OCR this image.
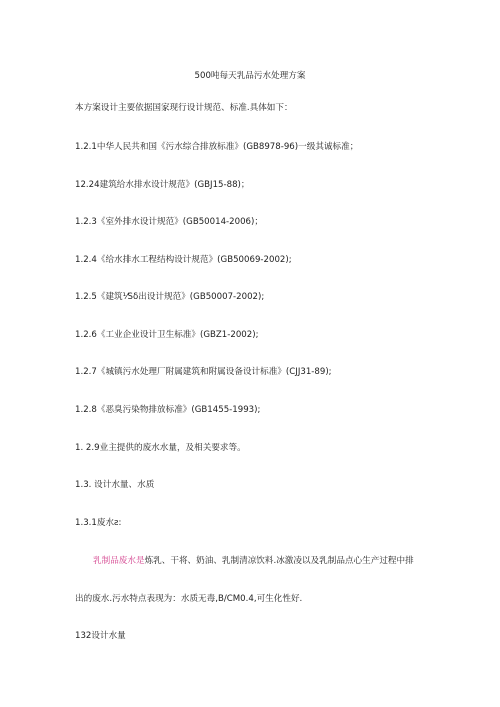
500吨每天乳品污水处理方案
本方案设计主要依据国家现行设计规范、标准.具体如下：
1.2.1中华人民共和国《污水综合排放标准》(GB8978-96)一级其诚标准；
12.24建筑给水排水设计规范》(GBJ15-88)；
1.2.3《室外排水设计规范》(GB50014-2006)；
1.2.4《给水排水工程结构设计规范》(GB50069-2002);
1.2.5《建筑⅟Sδ出设计规范》(GB50007-2002);
1.2.6《工业企业设计卫生标准》(GBZ1-2002);
1.2.7《城镇污水处理厂附属建筑和附属设备设计标准》(CJJ31-89);
1.2.8《恶臭污染物排放标准》(GB1455-1993);
1. 2.9业主提供的废水水量，及相关要求等。
1.3. 设计水量、水质
1.3.1废水ƨ:
乳制品废水是炼乳、干将、奶油、乳制清凉饮料.冰激凌以及乳制品点心生产过程中排
出的废水.污水特点表现为：水质无毒,B/CM0.4,可生化性好.
132设计水量
